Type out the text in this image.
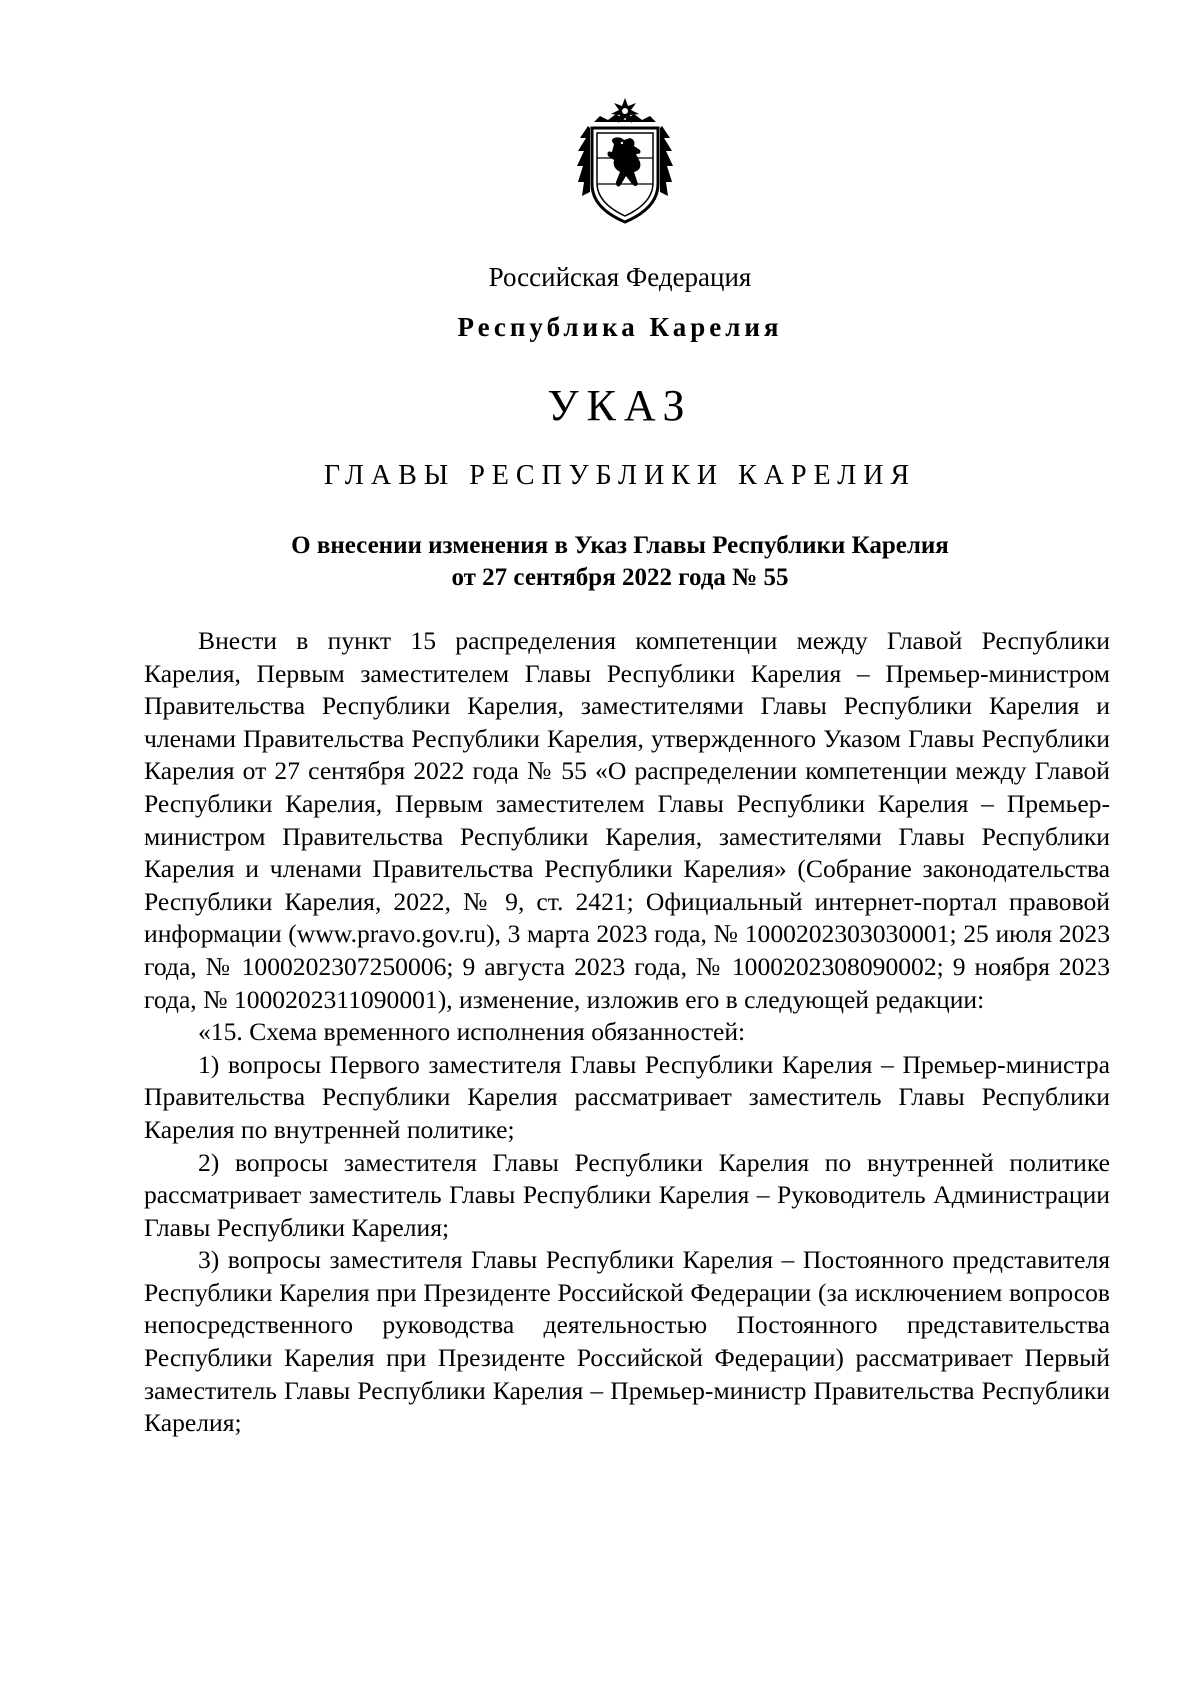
Российская Федерация
Республика Карелия
УКАЗ
ГЛАВЫ РЕСПУБЛИКИ КАРЕЛИЯ
О внесении изменения в Указ Главы Республики Карелия
от 27 сентября 2022 года № 55

Внести в пункт 15 распределения компетенции между Главой Республики Карелия, Первым заместителем Главы Республики Карелия – Премьер-министром Правительства Республики Карелия, заместителями Главы Республики Карелия и членами Правительства Республики Карелия, утвержденного Указом Главы Республики Карелия от 27 сентября 2022 года № 55 «О распределении компетенции между Главой Республики Карелия, Первым заместителем Главы Республики Карелия – Премьер-министром Правительства Республики Карелия, заместителями Главы Республики Карелия и членами Правительства Республики Карелия» (Собрание законодательства Республики Карелия, 2022, № 9, ст. 2421; Официальный интернет-портал правовой информации (www.pravo.gov.ru), 3 марта 2023 года, № 1000202303030001; 25 июля 2023 года, № 1000202307250006; 9 августа 2023 года, № 1000202308090002; 9 ноября 2023 года, № 1000202311090001), изменение, изложив его в следующей редакции:

«15. Схема временного исполнения обязанностей:

1) вопросы Первого заместителя Главы Республики Карелия – Премьер-министра Правительства Республики Карелия рассматривает заместитель Главы Республики Карелия по внутренней политике;

2) вопросы заместителя Главы Республики Карелия по внутренней политике рассматривает заместитель Главы Республики Карелия – Руководитель Администрации Главы Республики Карелия;

3) вопросы заместителя Главы Республики Карелия – Постоянного представителя Республики Карелия при Президенте Российской Федерации (за исключением вопросов непосредственного руководства деятельностью Постоянного представительства Республики Карелия при Президенте Российской Федерации) рассматривает Первый заместитель Главы Республики Карелия – Премьер-министр Правительства Республики Карелия;
